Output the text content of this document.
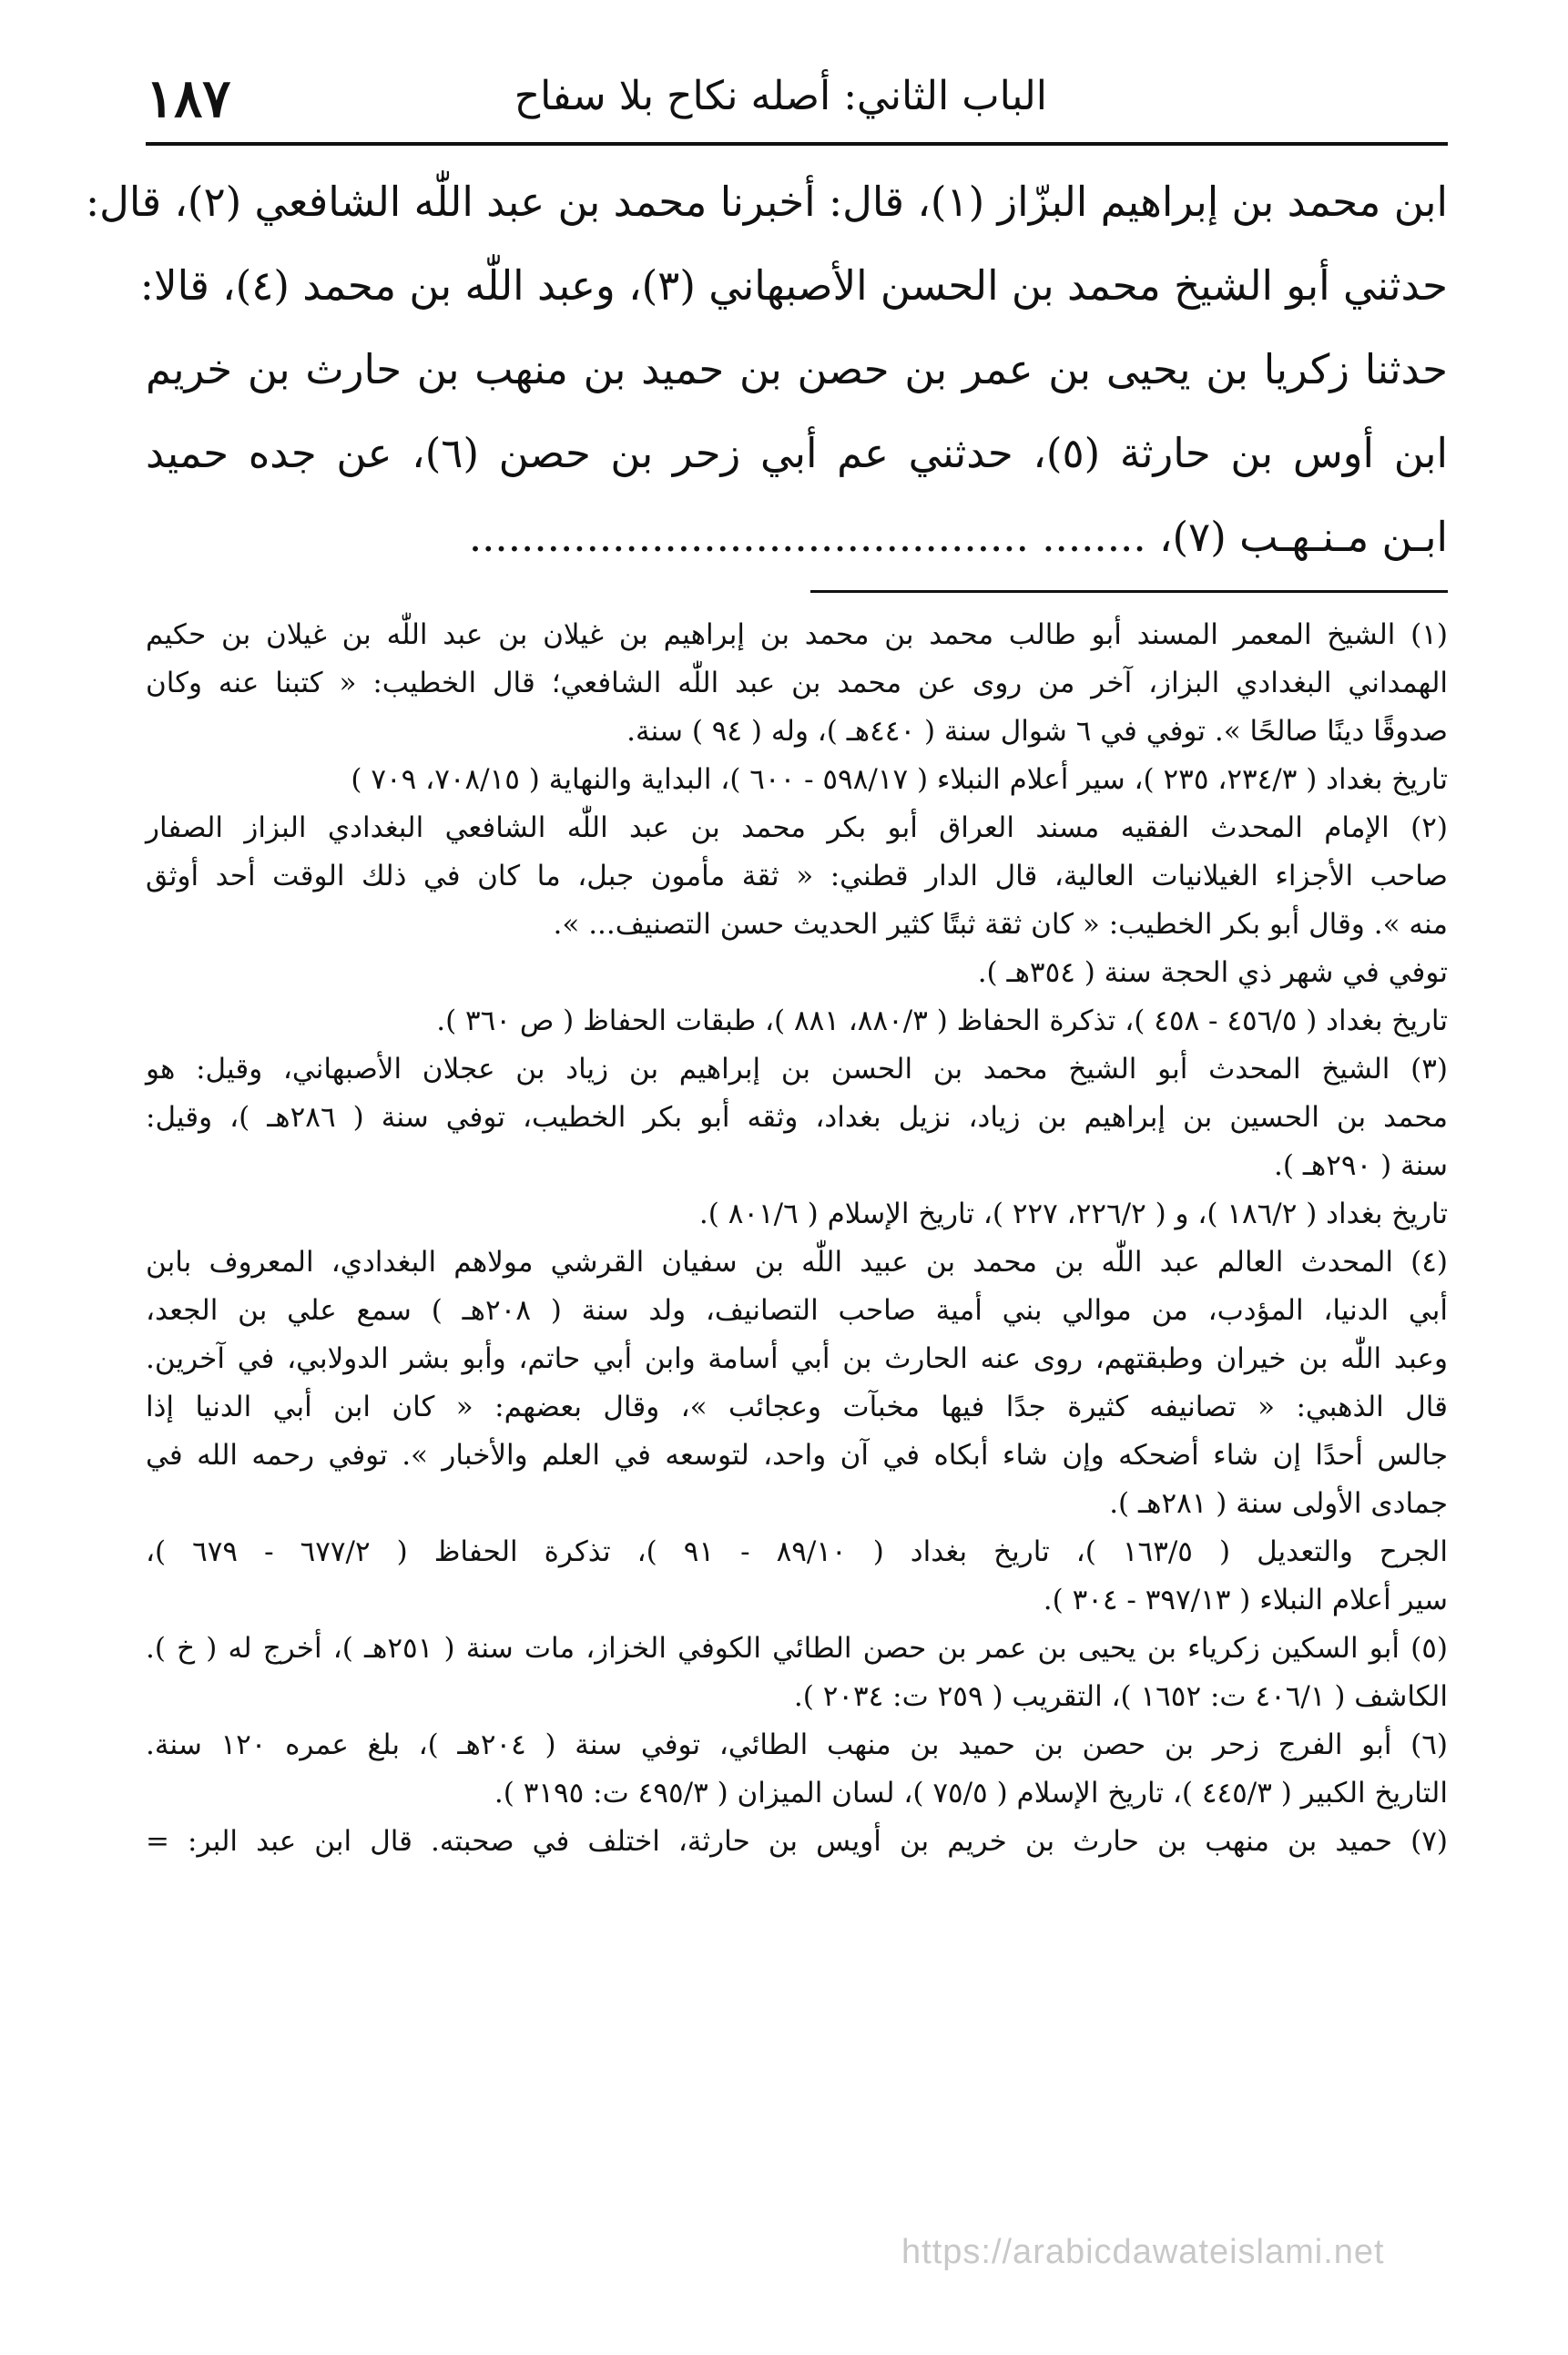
١٨٧	الباب الثاني: أصله نكاح بلا سفاح
ابن محمد بن إبراهيم البزّاز (١)، قال: أخبرنا محمد بن عبد اللّٰه الشافعي (٢)، قال:
حدثني أبو الشيخ محمد بن الحسن الأصبهاني (٣)، وعبد اللّٰه بن محمد (٤)، قالا:
حدثنا زكريا بن يحيى بن عمر بن حصن بن حميد بن منهب بن حارث بن خريم
ابن أوس بن حارثة (٥)، حدثني عم أبي زحر بن حصن (٦)، عن جده حميد
ابـن مـنـهـب (٧)، ........ ...........................................
(١) الشيخ المعمر المسند أبو طالب محمد بن محمد بن إبراهيم بن غيلان بن عبد اللّٰه بن غيلان بن حكيم
الهمداني البغدادي البزاز، آخر من روى عن محمد بن عبد اللّٰه الشافعي؛ قال الخطيب: « كتبنا عنه وكان
صدوقًا دينًا صالحًا ». توفي في ٦ شوال سنة ( ٤٤٠هـ )، وله ( ٩٤ ) سنة.
تاريخ بغداد ( ٢٣٤/٣، ٢٣٥ )، سير أعلام النبلاء ( ٥٩٨/١٧ - ٦٠٠ )، البداية والنهاية ( ٧٠٨/١٥، ٧٠٩ )
(٢) الإمام المحدث الفقيه مسند العراق أبو بكر محمد بن عبد اللّٰه الشافعي البغدادي البزاز الصفار
صاحب الأجزاء الغيلانيات العالية، قال الدار قطني: « ثقة مأمون جبل، ما كان في ذلك الوقت أحد أوثق
منه ». وقال أبو بكر الخطيب: « كان ثقة ثبتًا كثير الحديث حسن التصنيف... ».
توفي في شهر ذي الحجة سنة ( ٣٥٤هـ ).
تاريخ بغداد ( ٤٥٦/٥ - ٤٥٨ )، تذكرة الحفاظ ( ٨٨٠/٣، ٨٨١ )، طبقات الحفاظ ( ص ٣٦٠ ).
(٣) الشيخ المحدث أبو الشيخ محمد بن الحسن بن إبراهيم بن زياد بن عجلان الأصبهاني، وقيل: هو
محمد بن الحسين بن إبراهيم بن زياد، نزيل بغداد، وثقه أبو بكر الخطيب، توفي سنة ( ٢٨٦هـ )، وقيل:
سنة ( ٢٩٠هـ ).
تاريخ بغداد ( ١٨٦/٢ )، و ( ٢٢٦/٢، ٢٢٧ )، تاريخ الإسلام ( ٨٠١/٦ ).
(٤) المحدث العالم عبد اللّٰه بن محمد بن عبيد اللّٰه بن سفيان القرشي مولاهم البغدادي، المعروف بابن
أبي الدنيا، المؤدب، من موالي بني أمية صاحب التصانيف، ولد سنة ( ٢٠٨هـ ) سمع علي بن الجعد،
وعبد اللّٰه بن خيران وطبقتهم، روى عنه الحارث بن أبي أسامة وابن أبي حاتم، وأبو بشر الدولابي، في آخرين.
قال الذهبي: « تصانيفه كثيرة جدًا فيها مخبآت وعجائب »، وقال بعضهم: « كان ابن أبي الدنيا إذا
جالس أحدًا إن شاء أضحكه وإن شاء أبكاه في آن واحد، لتوسعه في العلم والأخبار ». توفي رحمه الله في
جمادى الأولى سنة ( ٢٨١هـ ).
الجرح والتعديل ( ١٦٣/٥ )، تاريخ بغداد ( ٨٩/١٠ - ٩١ )، تذكرة الحفاظ ( ٦٧٧/٢ - ٦٧٩ )،
سير أعلام النبلاء ( ٣٩٧/١٣ - ٣٠٤ ).
(٥) أبو السكين زكرياء بن يحيى بن عمر بن حصن الطائي الكوفي الخزاز، مات سنة ( ٢٥١هـ )، أخرج له ( خ ).
الكاشف ( ٤٠٦/١ ت: ١٦٥٢ )، التقريب ( ٢٥٩ ت: ٢٠٣٤ ).
(٦) أبو الفرج زحر بن حصن بن حميد بن منهب الطائي، توفي سنة ( ٢٠٤هـ )، بلغ عمره ١٢٠ سنة.
التاريخ الكبير ( ٤٤٥/٣ )، تاريخ الإسلام ( ٧٥/٥ )، لسان الميزان ( ٤٩٥/٣ ت: ٣١٩٥ ).
(٧) حميد بن منهب بن حارث بن خريم بن أويس بن حارثة، اختلف في صحبته. قال ابن عبد البر: =
https://arabicdawateislami.net
